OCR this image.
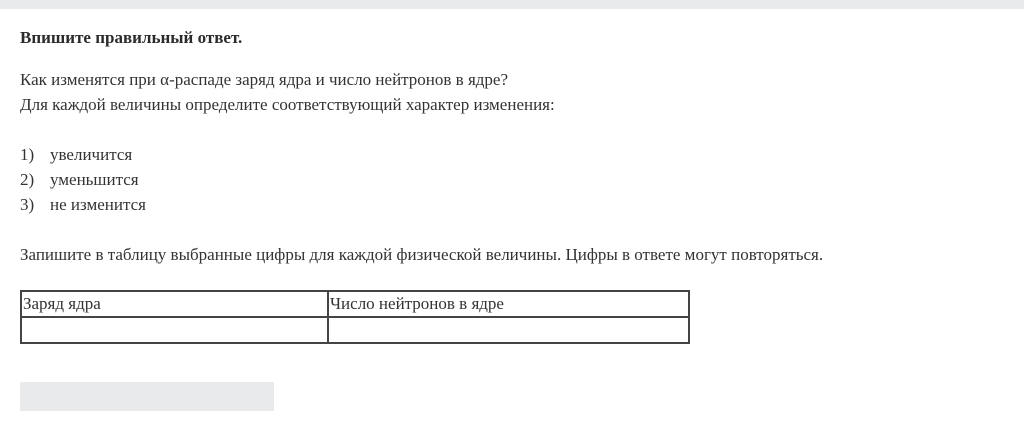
Впишите правильный ответ.

Как изменятся при α-распаде заряд ядра и число нейтронов в ядре?
Для каждой величины определите соответствующий характер изменения:
1) увеличится
2) уменьшится
3) не изменится
Запишите в таблицу выбранные цифры для каждой физической величины. Цифры в ответе могут повторяться.
Заряд ядра	Число нейтронов в ядре
